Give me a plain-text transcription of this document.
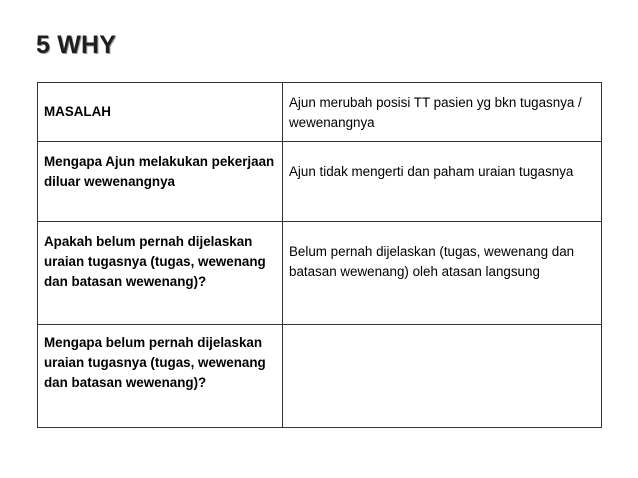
5 WHY
MASALAH	Ajun merubah posisi TT pasien yg bkn tugasnya / wewenangnya
Mengapa Ajun melakukan pekerjaan diluar wewenangnya	Ajun tidak mengerti dan paham uraian tugasnya
Apakah belum pernah dijelaskan uraian tugasnya (tugas, wewenang dan batasan wewenang)?	Belum pernah dijelaskan (tugas, wewenang dan batasan wewenang) oleh atasan langsung
Mengapa belum pernah dijelaskan uraian tugasnya (tugas, wewenang dan batasan wewenang)?	
